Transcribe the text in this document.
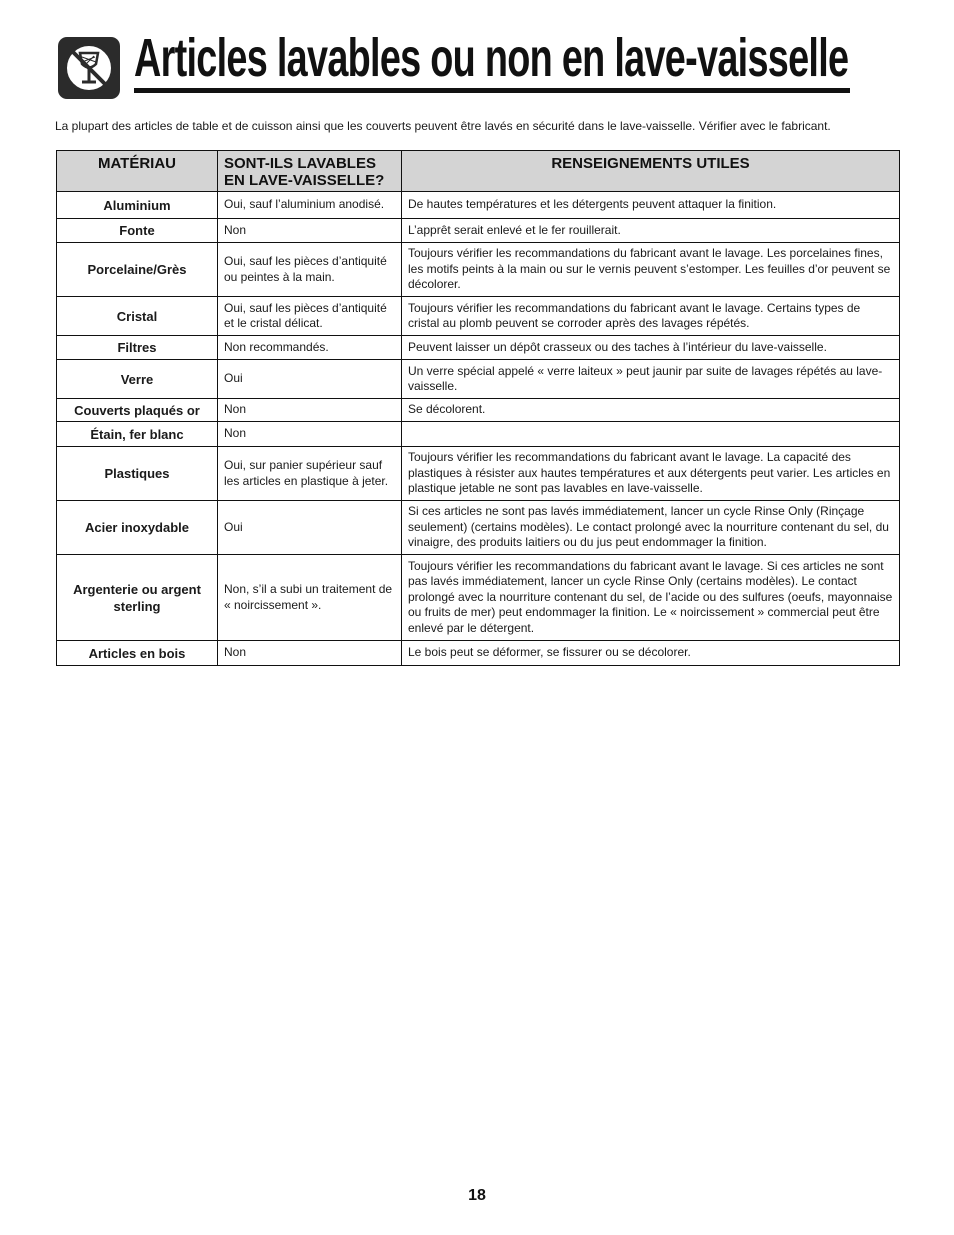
Articles lavables ou non en lave-vaisselle

La plupart des articles de table et de cuisson ainsi que les couverts peuvent être lavés en sécurité dans le lave-vaisselle. Vérifier avec le fabricant.

MATÉRIAU	SONT-ILS LAVABLES EN LAVE-VAISSELLE?	RENSEIGNEMENTS UTILES
Aluminium	Oui, sauf l’aluminium anodisé.	De hautes températures et les détergents peuvent attaquer la finition.
Fonte	Non	L’apprêt serait enlevé et le fer rouillerait.
Porcelaine/Grès	Oui, sauf les pièces d’antiquité ou peintes à la main.	Toujours vérifier les recommandations du fabricant avant le lavage. Les porcelaines fines, les motifs peints à la main ou sur le vernis peuvent s’estomper. Les feuilles d’or peuvent se décolorer.
Cristal	Oui, sauf les pièces d’antiquité et le cristal délicat.	Toujours vérifier les recommandations du fabricant avant le lavage. Certains types de cristal au plomb peuvent se corroder après des lavages répétés.
Filtres	Non recommandés.	Peuvent laisser un dépôt crasseux ou des taches à l’intérieur du lave-vaisselle.
Verre	Oui	Un verre spécial appelé « verre laiteux » peut jaunir par suite de lavages répétés au lave-vaisselle.
Couverts plaqués or	Non	Se décolorent.
Étain, fer blanc	Non	
Plastiques	Oui, sur panier supérieur sauf les articles en plastique à jeter.	Toujours vérifier les recommandations du fabricant avant le lavage. La capacité des plastiques à résister aux hautes températures et aux détergents peut varier. Les articles en plastique jetable ne sont pas lavables en lave-vaisselle.
Acier inoxydable	Oui	Si ces articles ne sont pas lavés immédiatement, lancer un cycle Rinse Only (Rinçage seulement) (certains modèles). Le contact prolongé avec la nourriture contenant du sel, du vinaigre, des produits laitiers ou du jus peut endommager la finition.
Argenterie ou argent sterling	Non, s’il a subi un traitement de « noircissement ».	Toujours vérifier les recommandations du fabricant avant le lavage. Si ces articles ne sont pas lavés immédiatement, lancer un cycle Rinse Only (certains modèles). Le contact prolongé avec la nourriture contenant du sel, de l’acide ou des sulfures (oeufs, mayonnaise ou fruits de mer) peut endommager la finition. Le « noircissement » commercial peut être enlevé par le détergent.
Articles en bois	Non	Le bois peut se déformer, se fissurer ou se décolorer.
18
